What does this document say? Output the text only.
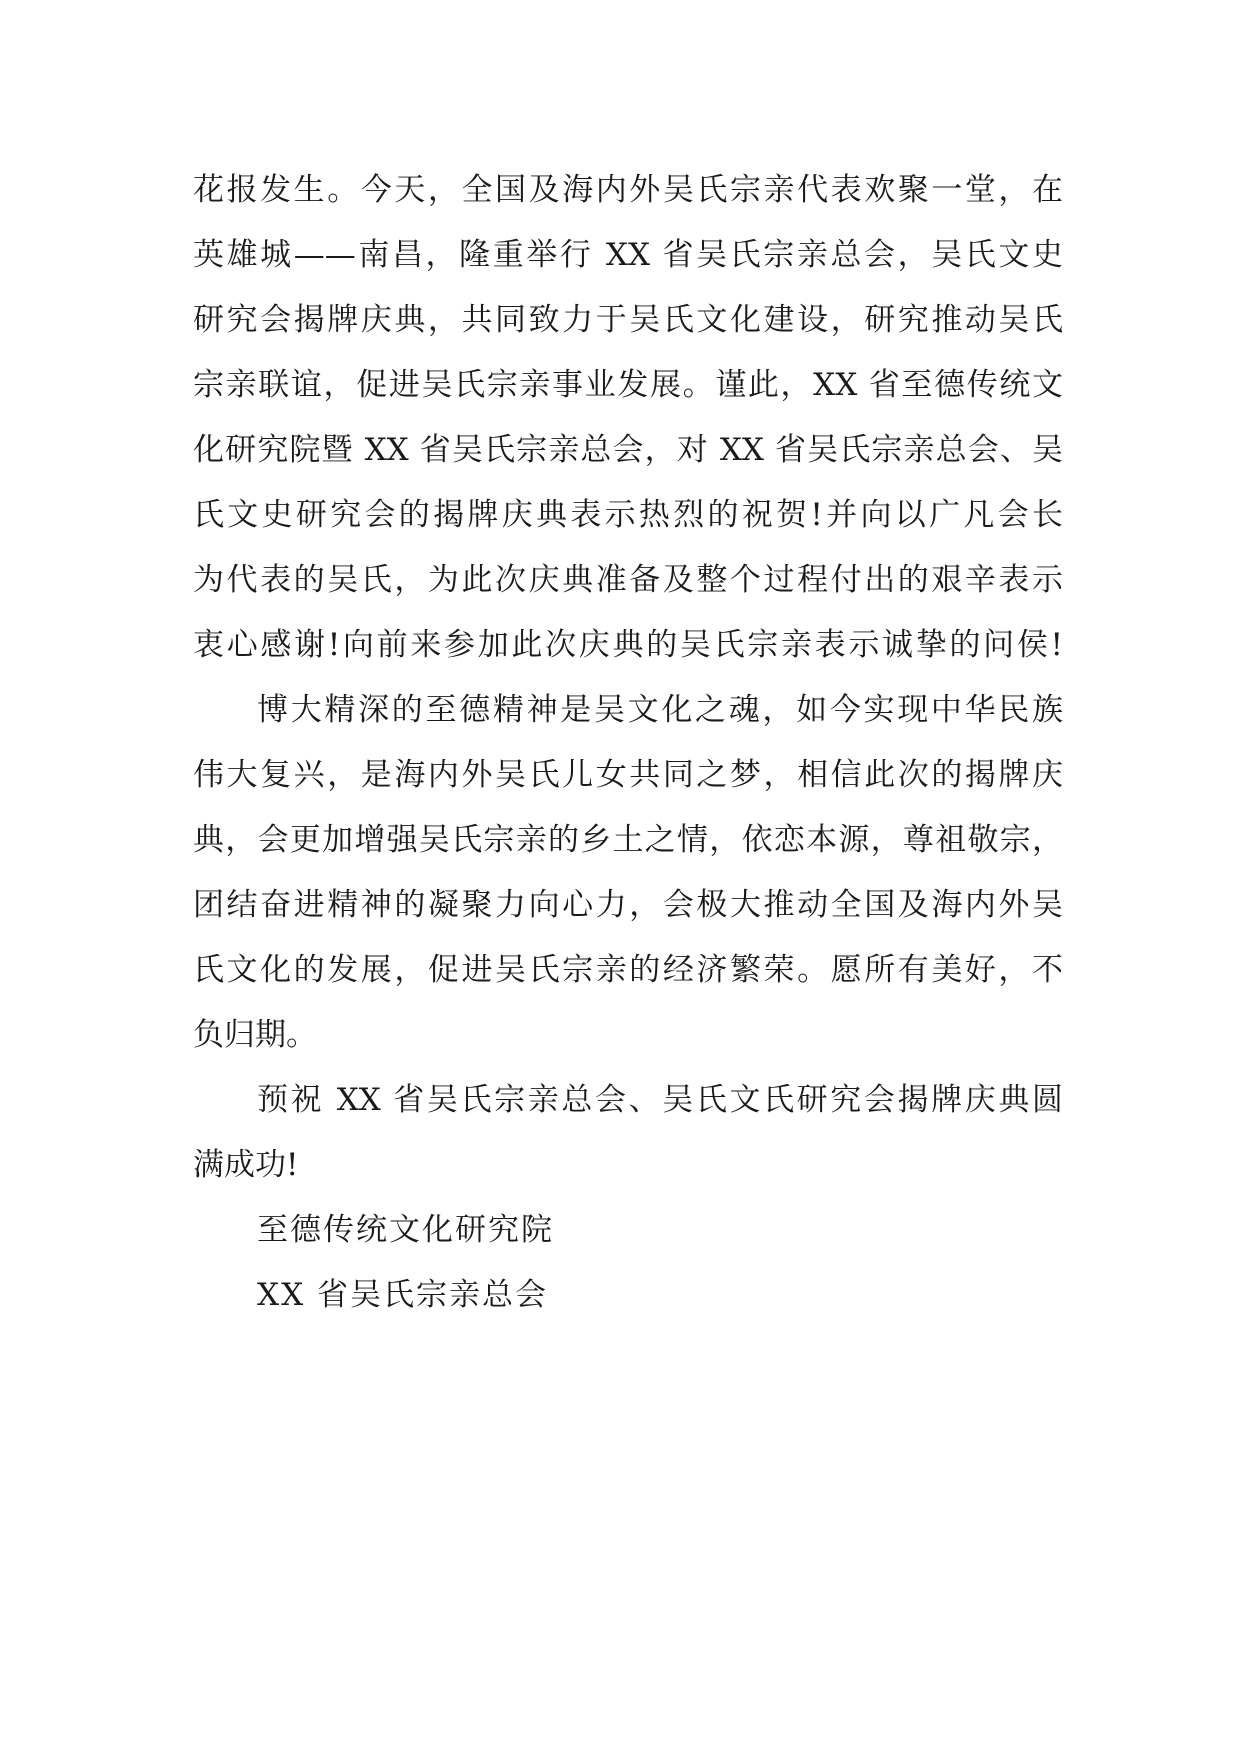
花报发生。今天，全国及海内外吴氏宗亲代表欢聚一堂，在
英雄城——南昌，隆重举行 XX 省吴氏宗亲总会，吴氏文史
研究会揭牌庆典，共同致力于吴氏文化建设，研究推动吴氏
宗亲联谊，促进吴氏宗亲事业发展。谨此，XX 省至德传统文
化研究院暨 XX 省吴氏宗亲总会，对 XX 省吴氏宗亲总会、吴
氏文史研究会的揭牌庆典表示热烈的祝贺!并向以广凡会长
为代表的吴氏，为此次庆典准备及整个过程付出的艰辛表示
衷心感谢!向前来参加此次庆典的吴氏宗亲表示诚挚的问侯!
博大精深的至德精神是吴文化之魂，如今实现中华民族
伟大复兴，是海内外吴氏儿女共同之梦，相信此次的揭牌庆
典，会更加增强吴氏宗亲的乡土之情，依恋本源，尊祖敬宗，
团结奋进精神的凝聚力向心力，会极大推动全国及海内外吴
氏文化的发展，促进吴氏宗亲的经济繁荣。愿所有美好，不
负归期。
预祝 XX 省吴氏宗亲总会、吴氏文氏研究会揭牌庆典圆
满成功!
至德传统文化研究院
XX 省吴氏宗亲总会
